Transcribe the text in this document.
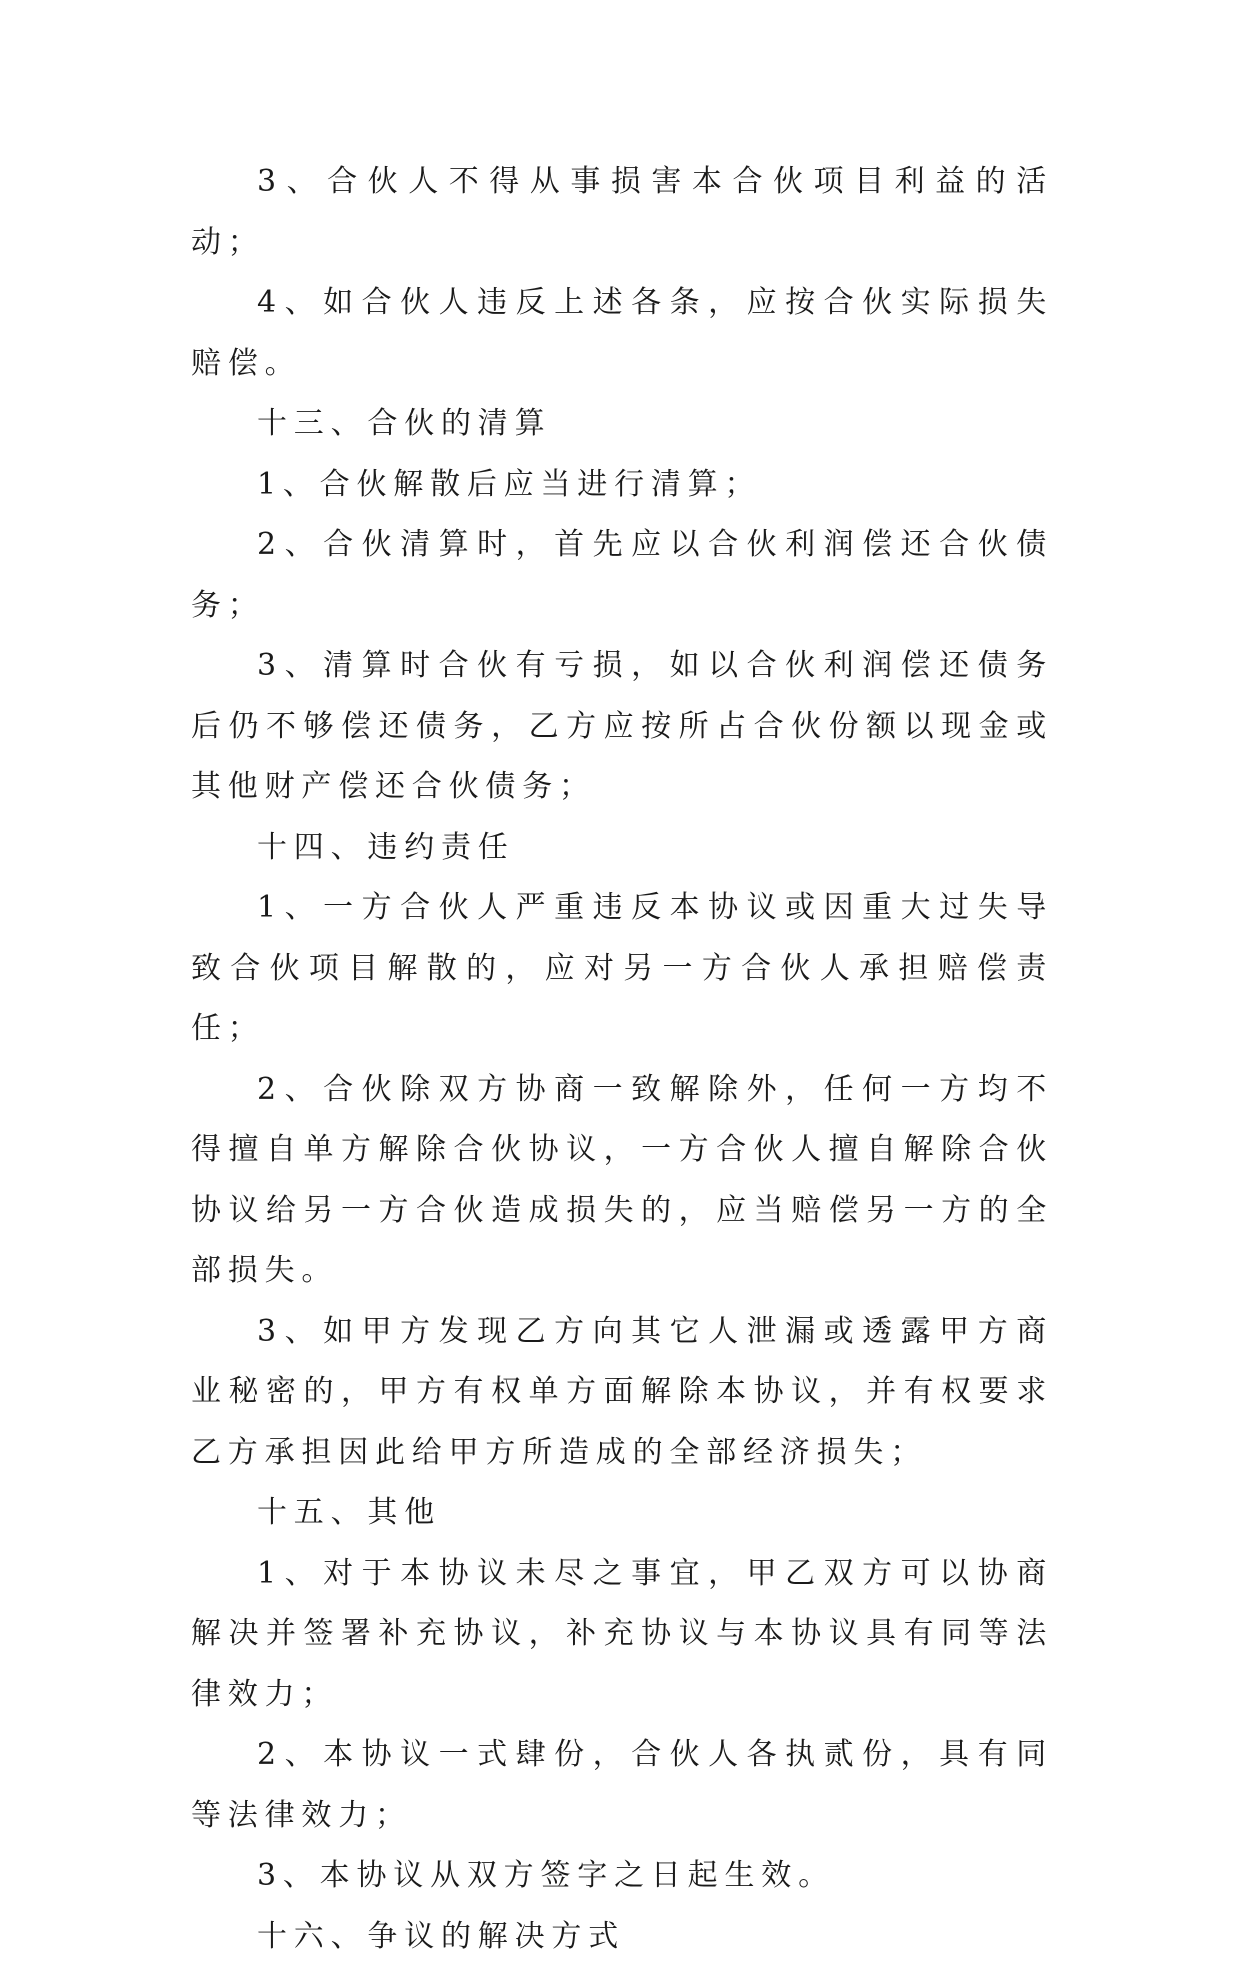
3、合伙人不得从事损害本合伙项目利益的活动；

4、如合伙人违反上述各条，应按合伙实际损失赔偿。

十三、合伙的清算

1、合伙解散后应当进行清算；

2、合伙清算时，首先应以合伙利润偿还合伙债务；

3、清算时合伙有亏损，如以合伙利润偿还债务后仍不够偿还债务，乙方应按所占合伙份额以现金或其他财产偿还合伙债务；

十四、违约责任

1、一方合伙人严重违反本协议或因重大过失导致合伙项目解散的，应对另一方合伙人承担赔偿责任；

2、合伙除双方协商一致解除外，任何一方均不得擅自单方解除合伙协议，一方合伙人擅自解除合伙协议给另一方合伙造成损失的，应当赔偿另一方的全部损失。

3、如甲方发现乙方向其它人泄漏或透露甲方商业秘密的，甲方有权单方面解除本协议，并有权要求乙方承担因此给甲方所造成的全部经济损失；

十五、其他

1、对于本协议未尽之事宜，甲乙双方可以协商解决并签署补充协议，补充协议与本协议具有同等法律效力；

2、本协议一式肆份，合伙人各执贰份，具有同等法律效力；

3、本协议从双方签字之日起生效。

十六、争议的解决方式
